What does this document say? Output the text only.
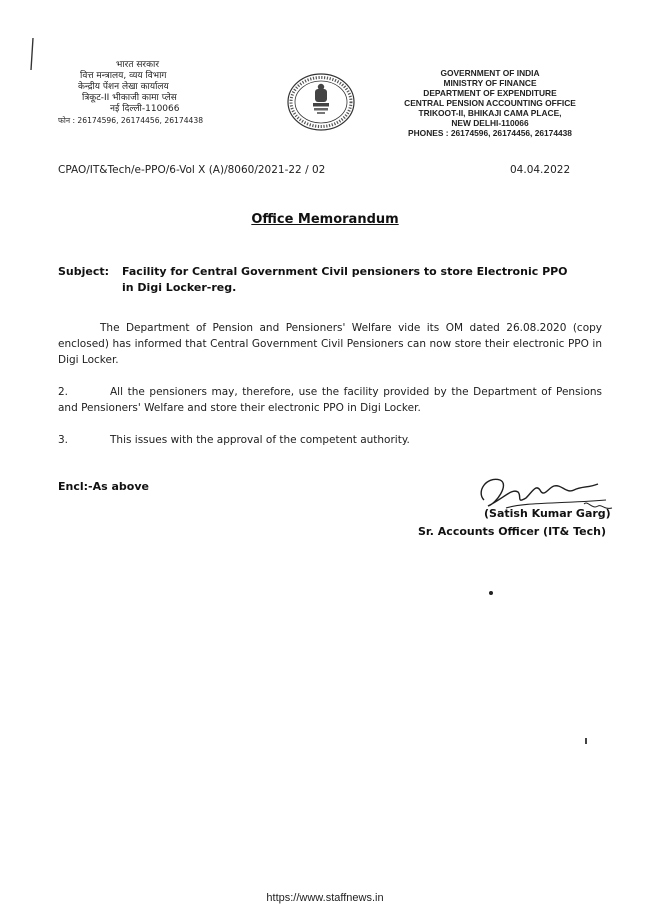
भारत सरकार
वित्त मन्त्रालय, व्यय विभाग
केन्द्रीय पेंशन लेखा कार्यालय
त्रिकूट-II भीकाजी कामा प्लेस
नई दिल्ली-110066
फोन : 26174596, 26174456, 26174438
GOVERNMENT OF INDIA
MINISTRY OF FINANCE
DEPARTMENT OF EXPENDITURE
CENTRAL PENSION ACCOUNTING OFFICE
TRIKOOT-II, BHIKAJI CAMA PLACE,
NEW DELHI-110066
PHONES : 26174596, 26174456, 26174438
CPAO/IT&Tech/e-PPO/6-Vol X (A)/8060/2021-22 / 02	04.04.2022
Office Memorandum
Subject: Facility for Central Government Civil pensioners to store Electronic PPO in Digi Locker-reg.
The Department of Pension and Pensioners' Welfare vide its OM dated 26.08.2020 (copy enclosed) has informed that Central Government Civil Pensioners can now store their electronic PPO in Digi Locker.
2.	All the pensioners may, therefore, use the facility provided by the Department of Pensions and Pensioners' Welfare and store their electronic PPO in Digi Locker.
3.	This issues with the approval of the competent authority.
Encl:-As above
(Satish Kumar Garg)
Sr. Accounts Officer (IT& Tech)
https://www.staffnews.in
